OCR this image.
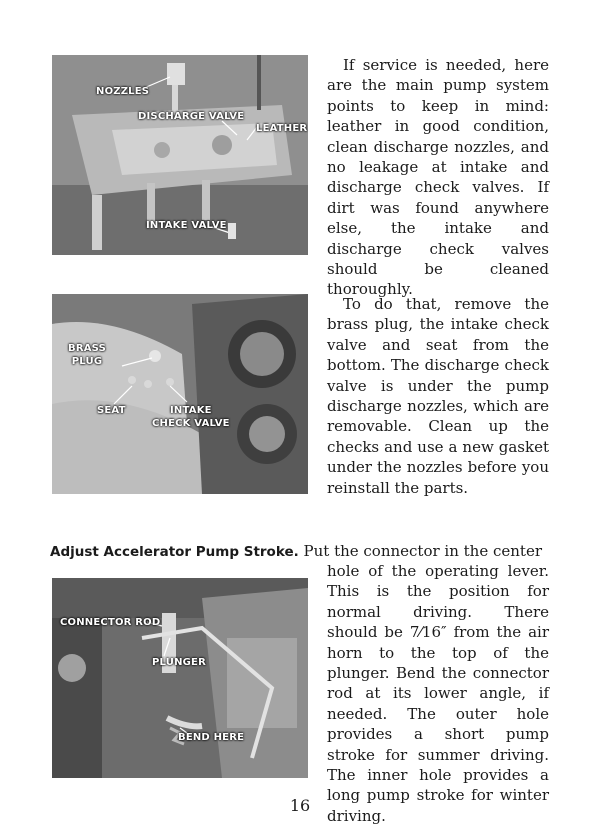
NOZZLES
DISCHARGE VALVE
LEATHER
INTAKE VALVE

If service is needed, here are the main pump system points to keep in mind: leather in good condition, clean discharge nozzles, and no leakage at intake and discharge check valves. If dirt was found anywhere else, the intake and discharge check valves should be cleaned thoroughly.

BRASS
PLUG
SEAT	INTAKE
CHECK VALVE

To do that, remove the brass plug, the intake check valve and seat from the bottom. The discharge check valve is under the pump discharge nozzles, which are removable. Clean up the checks and use a new gasket under the nozzles before you reinstall the parts.

Adjust Accelerator Pump Stroke. Put the connector in the center

CONNECTOR ROD
PLUNGER
BEND HERE

hole of the operating lever. This is the position for normal driving. There should be 7⁄16″ from the air horn to the top of the plunger. Bend the connector rod at its lower angle, if needed. The outer hole provides a short pump stroke for summer driving. The inner hole provides a long pump stroke for winter driving.

16
